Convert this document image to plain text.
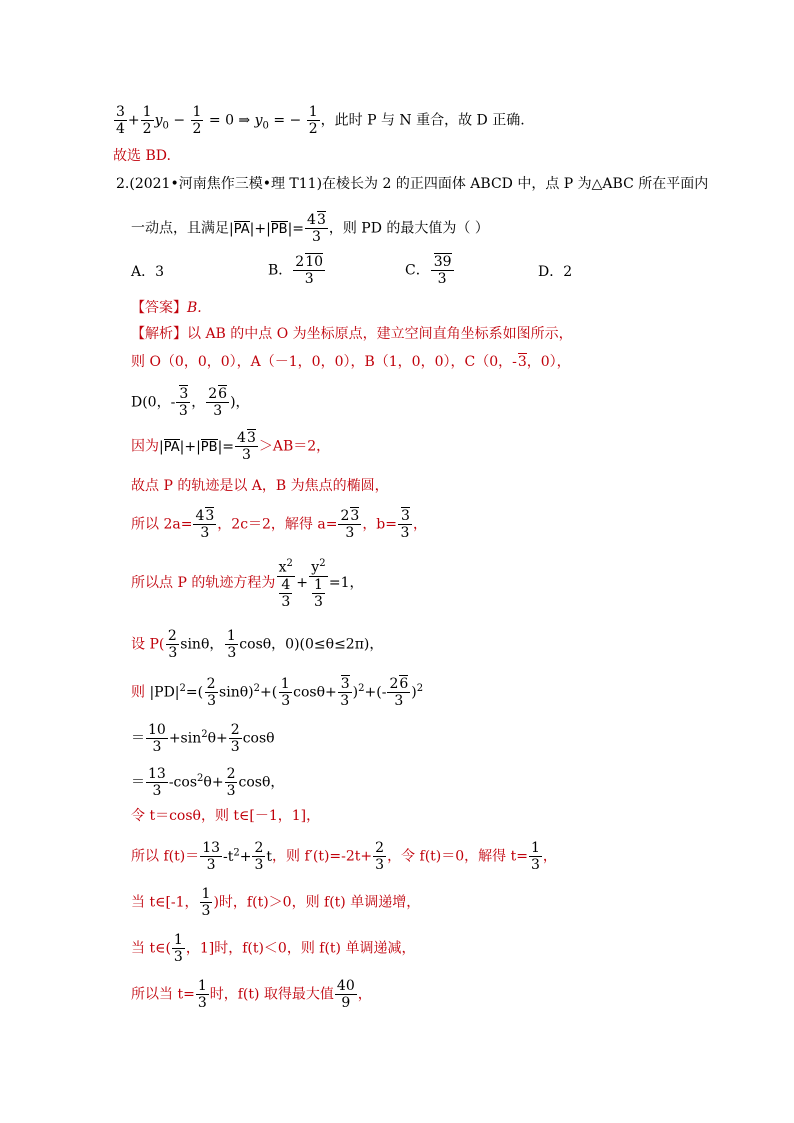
$\frac{3}{4} + \frac{1}{2} y_0 - \frac{1}{2} = 0$ ⇒ $y_0$ = − $\frac{1}{2}$ ，此时 P 与 N 重合，故 D 正确.
故选 BD.
2.(2021•河南焦作三模•理 T11)在棱长为 2 的正四面体 ABCD 中，点 P 为△ABC 所在平面内
一动点，且满足$|PA|+|PB|= \frac{43}{3}$ ，则 PD 的最大值为（ ）
A．3	B． $\frac{210}{3}$	C． $\frac{39}{3}$	D．2
【答案】B.
【解析】以 AB 的中点 O 为坐标原点，建立空间直角坐标系如图所示，
则 O（0，0，0），A（－1，0，0），B（1，0，0），C（0，-3，0），
D(0，- $\frac{3}{3}$ ， $\frac{26}{3}$ )，
因为$|PA|+|PB|= \frac{43}{3} >AB=2$，
故点 P 的轨迹是以 A，B 为焦点的椭圆，
所以 $2a= \frac{43}{3}$ ，2c＝2，解得 $a= \frac{23}{3}$ ，$b= \frac{3}{3}$ ，
所以点 P 的轨迹方程为 $\frac{x^2}{\frac{4}{3}} + \frac{y^2}{\frac{1}{3}} =1$，
设 $P( \frac{2}{3}$ sinθ， $\frac{1}{3}$ cosθ，0)(0≤θ≤2π)，
则 $|PD|^2=( \frac{2}{3} \sin\theta)^2+( \frac{1}{3} \cos\theta+ \frac{3}{3} )^2+(- \frac{26}{3} )^2$
＝ $\frac{10}{3} +\sin^2\theta+ \frac{2}{3}$ cosθ
＝ $\frac{13}{3} -\cos^2\theta+ \frac{2}{3}$ cosθ，
令 t＝cosθ，则 t∈[－1，1]，
所以 $f(t)= \frac{13}{3} -t^2+ \frac{2}{3}$ t，则 $f'(t)=-2t+ \frac{2}{3}$ ，令 f(t)＝0，解得 $t= \frac{1}{3}$ ，
当 t∈[-1， $\frac{1}{3}$ )时，f(t)＞0，则 f(t) 单调递增，
当 t∈( $\frac{1}{3}$ ，1]时，f(t)＜0，则 f(t) 单调递减，
所以当 $t= \frac{1}{3}$ 时，f(t) 取得最大值 $\frac{40}{9}$ ，
